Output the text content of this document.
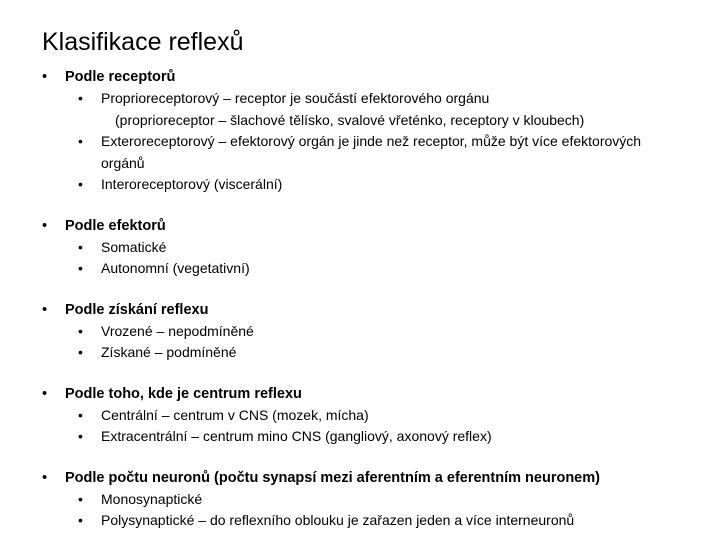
Klasifikace reflexů
• Podle receptorů
• Proprioreceptorový – receptor je součástí efektorového orgánu
(proprioreceptor – šlachové tělísko, svalové vřeténko, receptory v kloubech)
• Exteroreceptorový – efektorový orgán je jinde než receptor, může být více efektorových orgánů
• Interoreceptorový (viscerální)
• Podle efektorů
• Somatické
• Autonomní (vegetativní)
• Podle získání reflexu
• Vrozené – nepodmíněné
• Získané – podmíněné
• Podle toho, kde je centrum reflexu
• Centrální – centrum v CNS (mozek, mícha)
• Extracentrální – centrum mino CNS (gangliový, axonový reflex)
• Podle počtu neuronů (počtu synapsí mezi aferentním a eferentním neuronem)
• Monosynaptické
• Polysynaptické – do reflexního oblouku je zařazen jeden a více interneuronů
